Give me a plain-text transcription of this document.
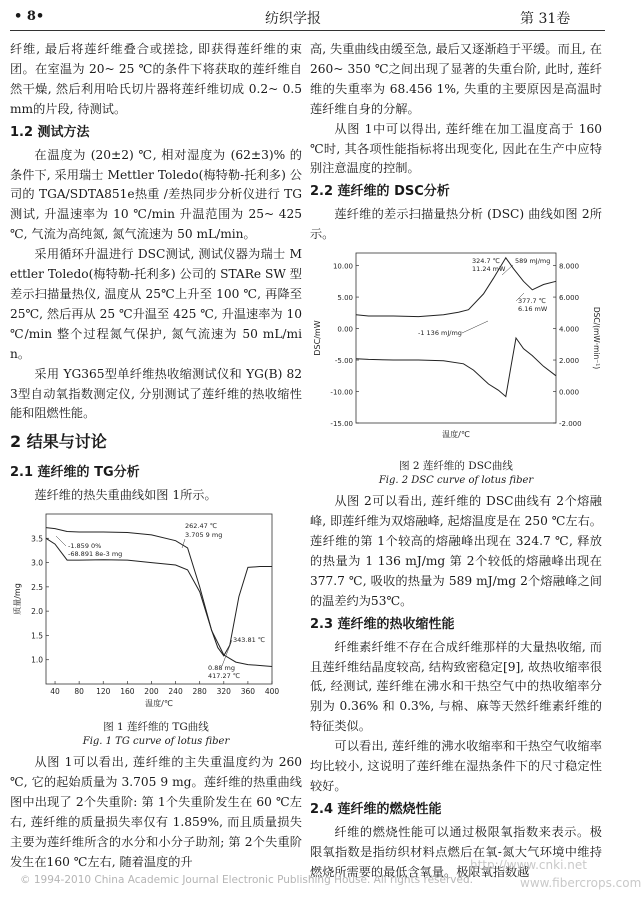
• 8•	纺织学报	第 31卷

纤维, 最后将莲纤维叠合或搓捻, 即获得莲纤维的束团。在室温为 20~ 25 ℃的条件下将获取的莲纤维自然干燥, 然后利用哈氏切片器将莲纤维切成 0.2~ 0.5 mm的片段, 待测试。

1.2 测试方法

在温度为 (20±2) ℃, 相对湿度为 (62±3)% 的条件下, 采用瑞士 Mettler Toledo(梅特勒-托利多) 公司的 TGA/SDTA851e热重 /差热同步分析仪进行 TG测试, 升温速率为 10 ℃/min 升温范围为 25~ 425 ℃, 气流为高纯氮, 氮气流速为 50 mL/min。

采用循环升温进行 DSC测试, 测试仪器为瑞士 Mettler Toledo(梅特勒-托利多) 公司的 STARe SW 型差示扫描量热仪, 温度从 25℃上升至 100 ℃, 再降至 25℃, 然后再从 25 ℃升温至 425 ℃, 升温速率为 10 ℃/min 整个过程氮气保护, 氮气流速为 50 mL/min。

采用 YG365型单纤维热收缩测试仪和 YG(B) 823型自动氧指数测定仪, 分别测试了莲纤维的热收缩性能和阻燃性能。

2 结果与讨论
2.1 莲纤维的 TG分析

莲纤维的热失重曲线如图 1所示。

40 80 120 160 200 240 280 320 360 400
1.0
1.5
2.0
2.5
3.0
3.5
温度/℃
质量/mg
262.47 ℃
3.705 9 mg
-1.859 0%
-68.891 8e-3 mg
0.88 mg
417.27 ℃
343.81 ℃

图 1 莲纤维的 TG曲线

Fig. 1 TG curve of lotus fiber

从图 1可以看出, 莲纤维的主失重温度约为 260 ℃, 它的起始质量为 3.705 9 mg。莲纤维的热重曲线图中出现了 2个失重阶: 第 1个失重阶发生在 60 ℃左右, 莲纤维的质量损失率仅有 1.859%, 而且质量损失主要为莲纤维所含的水分和小分子助剂; 第 2个失重阶发生在160 ℃左右, 随着温度的升

高, 失重曲线由缓至急, 最后又逐渐趋于平缓。而且, 在 260~ 350 ℃之间出现了显著的失重台阶, 此时, 莲纤维的失重率为 68.456 1%, 失重的主要原因是高温时莲纤维自身的分解。

从图 1中可以得出, 莲纤维在加工温度高于 160 ℃时, 其各项性能指标将出现变化, 因此在生产中应特别注意温度的控制。

2.2 莲纤维的 DSC分析

莲纤维的差示扫描量热分析 (DSC) 曲线如图 2所示。

-15.00
-10.00
-5.00
0.00
5.00
10.00
-2.000
0.000
2.000
4.000
6.000
8.000
温度/℃
DSC/mW	DSC/(mW·min⁻¹)
324.7 ℃
11.24 mW
589 mJ/mg
377.7 ℃
6.16 mW
-1 136 mJ/mg

图 2 莲纤维的 DSC曲线

Fig. 2 DSC curve of lotus fiber

从图 2可以看出, 莲纤维的 DSC曲线有 2个熔融峰, 即莲纤维为双熔融峰, 起熔温度是在 250 ℃左右。莲纤维的第 1个较高的熔融峰出现在 324.7 ℃, 释放的热量为 1 136 mJ/mg 第 2个较低的熔融峰出现在 377.7 ℃, 吸收的热量为 589 mJ/mg 2个熔融峰之间的温差约为53℃。

2.3 莲纤维的热收缩性能

纤维素纤维不存在合成纤维那样的大量热收缩, 而且莲纤维结晶度较高, 结构致密稳定[9], 故热收缩率很低, 经测试, 莲纤维在沸水和干热空气中的热收缩率分别为 0.36% 和 0.3%, 与棉、麻等天然纤维素纤维的特征类似。

可以看出, 莲纤维的沸水收缩率和干热空气收缩率均比较小, 这说明了莲纤维在湿热条件下的尺寸稳定性较好。

2.4 莲纤维的燃烧性能

纤维的燃烧性能可以通过极限氧指数来表示。极限氧指数是指纺织材料点燃后在氧-氮大气环境中维持燃烧所需要的最低含氧量。极限氧指数越

© 1994-2010 China Academic Journal Electronic Publishing House. All rights reserved.
http://www.cnki.net
www.fibercrops.com
